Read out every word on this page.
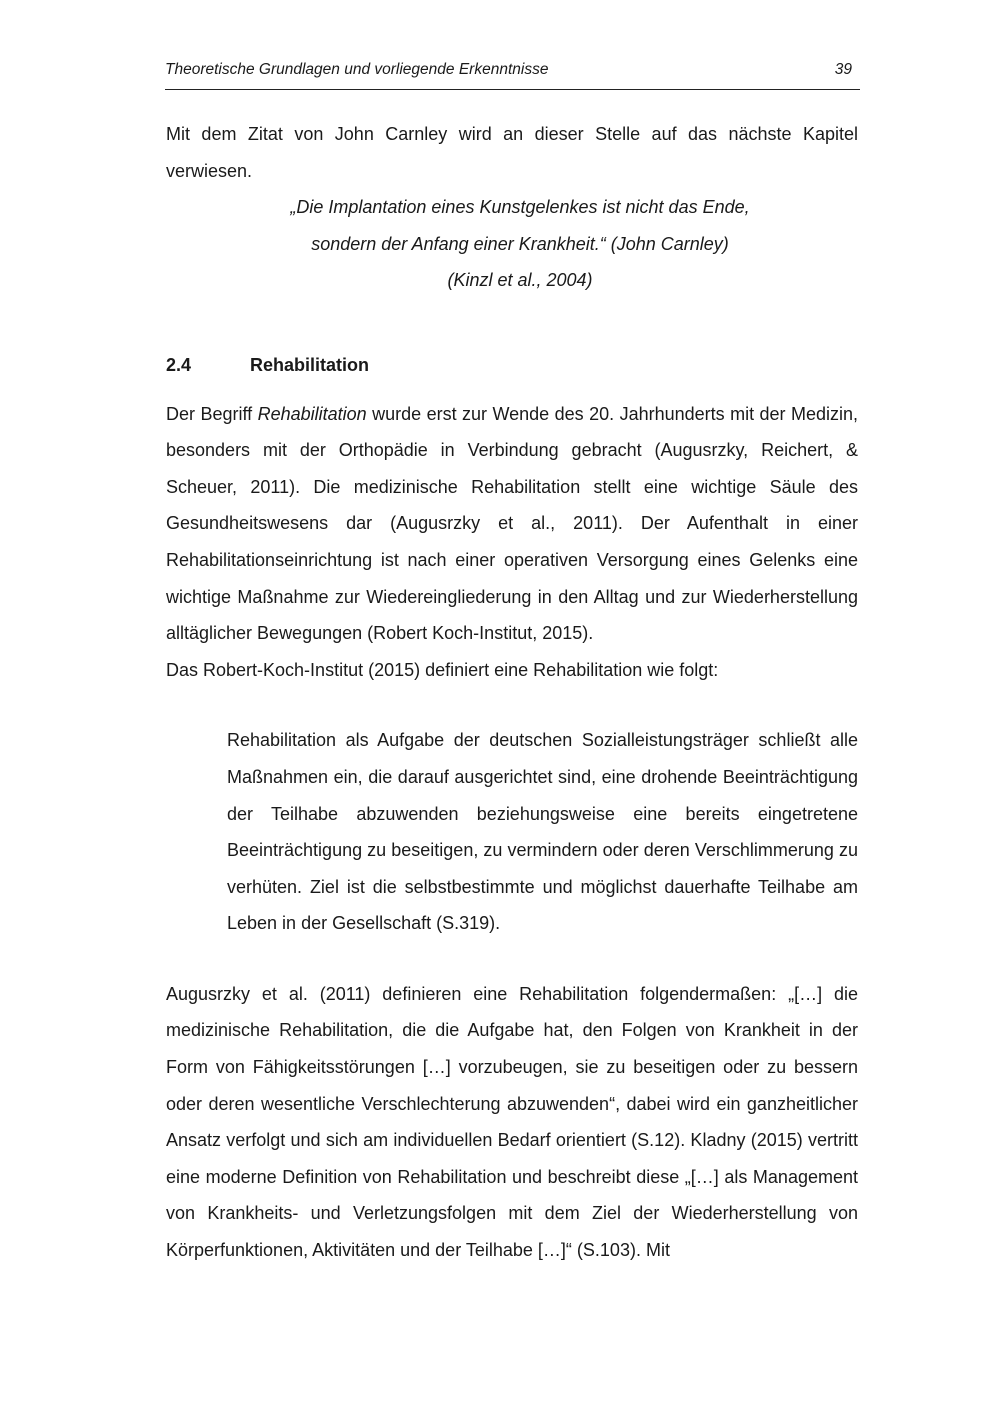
Theoretische Grundlagen und vorliegende Erkenntnisse	39

Mit dem Zitat von John Carnley wird an dieser Stelle auf das nächste Kapitel verwiesen.

„Die Implantation eines Kunstgelenkes ist nicht das Ende,
sondern der Anfang einer Krankheit.“ (John Carnley)
(Kinzl et al., 2004)
2.4	Rehabilitation

Der Begriff Rehabilitation wurde erst zur Wende des 20. Jahrhunderts mit der Medizin, besonders mit der Orthopädie in Verbindung gebracht (Augusrzky, Reichert, & Scheuer, 2011). Die medizinische Rehabilitation stellt eine wichtige Säule des Gesundheitswesens dar (Augusrzky et al., 2011). Der Aufenthalt in einer Rehabilitationseinrichtung ist nach einer operativen Versorgung eines Gelenks eine wichtige Maßnahme zur Wiedereingliederung in den Alltag und zur Wiederherstellung alltäglicher Bewegungen (Robert Koch-Institut, 2015).

Das Robert-Koch-Institut (2015) definiert eine Rehabilitation wie folgt:

Rehabilitation als Aufgabe der deutschen Sozialleistungsträger schließt alle Maßnahmen ein, die darauf ausgerichtet sind, eine drohende Beeinträchtigung der Teilhabe abzuwenden beziehungsweise eine bereits eingetretene Beeinträchtigung zu beseitigen, zu vermindern oder deren Verschlimmerung zu verhüten. Ziel ist die selbstbestimmte und möglichst dauerhafte Teilhabe am Leben in der Gesellschaft (S.319).

Augusrzky et al. (2011) definieren eine Rehabilitation folgendermaßen: „[…] die medizinische Rehabilitation, die die Aufgabe hat, den Folgen von Krankheit in der Form von Fähigkeitsstörungen […] vorzubeugen, sie zu beseitigen oder zu bessern oder deren wesentliche Verschlechterung abzuwenden“, dabei wird ein ganzheitlicher Ansatz verfolgt und sich am individuellen Bedarf orientiert (S.12). Kladny (2015) vertritt eine moderne Definition von Rehabilitation und beschreibt diese „[…] als Management von Krankheits- und Verletzungsfolgen mit dem Ziel der Wiederherstellung von Körperfunktionen, Aktivitäten und der Teilhabe […]“ (S.103). Mit
